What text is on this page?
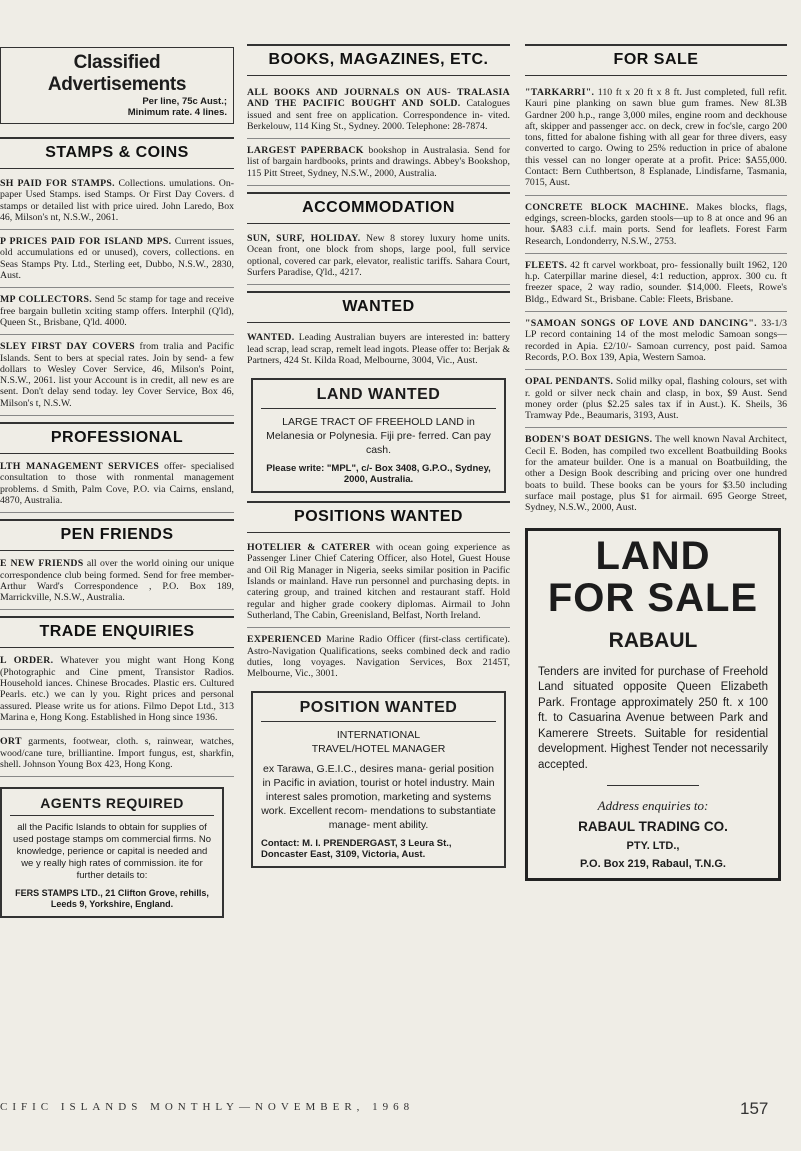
Classified Advertisements
Per line, 75c Aust.;
Minimum rate. 4 lines.
STAMPS & COINS

SH PAID FOR STAMPS. Collections. umulations. On-paper Used Stamps. ised Stamps. Or First Day Covers. d stamps or detailed list with price uired. John Laredo, Box 46, Milson's nt, N.S.W., 2061.

P PRICES PAID FOR ISLAND MPS. Current issues, old accumulations ed or unused), covers, collections. en Seas Stamps Pty. Ltd., Sterling eet, Dubbo, N.S.W., 2830, Aust.

MP COLLECTORS. Send 5c stamp for tage and receive free bargain bulletin xciting stamp offers. Interphil (Q'ld), Queen St., Brisbane, Q'ld. 4000.

SLEY FIRST DAY COVERS from tralia and Pacific Islands. Sent to bers at special rates. Join by send- a few dollars to Wesley Cover Service, 46, Milson's Point, N.S.W., 2061. list your Account is in credit, all new es are sent. Don't delay send today. ley Cover Service, Box 46, Milson's t, N.S.W.

PROFESSIONAL

LTH MANAGEMENT SERVICES offer- specialised consultation to those with ronmental management problems. d Smith, Palm Cove, P.O. via Cairns, ensland, 4870, Australia.

PEN FRIENDS

E NEW FRIENDS all over the world oining our unique correspondence club being formed. Send for free member- Arthur Ward's Correspondence , P.O. Box 189, Marrickville, N.S.W., Australia.

TRADE ENQUIRIES

L ORDER. Whatever you might want Hong Kong (Photographic and Cine pment, Transistor Radios. Household iances. Chinese Brocades. Plastic ers. Cultured Pearls. etc.) we can ly you. Right prices and personal assured. Please write us for ations. Filmo Depot Ltd., 313 Marina e, Hong Kong. Established in Hong since 1936.

ORT garments, footwear, cloth. s, rainwear, watches, wood/cane ture, brilliantine. Import fungus, est, sharkfin, shell. Johnson Young Box 423, Hong Kong.

AGENTS REQUIRED
all the Pacific Islands to obtain for supplies of used postage stamps om commercial firms. No knowledge, perience or capital is needed and we y really high rates of commission. ite for further details to:
FERS STAMPS LTD., 21 Clifton Grove, rehills, Leeds 9, Yorkshire, England.
BOOKS, MAGAZINES, ETC.

ALL BOOKS AND JOURNALS ON AUS- TRALASIA AND THE PACIFIC BOUGHT AND SOLD. Catalogues issued and sent free on application. Correspondence in- vited. Berkelouw, 114 King St., Sydney. 2000. Telephone: 28-7874.

LARGEST PAPERBACK bookshop in Australasia. Send for list of bargain hardbooks, prints and drawings. Abbey's Bookshop, 115 Pitt Street, Sydney, N.S.W., 2000, Australia.

ACCOMMODATION

SUN, SURF, HOLIDAY. New 8 storey luxury home units. Ocean front, one block from shops, large pool, full service optional, covered car park, elevator, realistic tariffs. Sahara Court, Surfers Paradise, Q'ld., 4217.

WANTED

WANTED. Leading Australian buyers are interested in: battery lead scrap, lead scrap, remelt lead ingots. Please offer to: Berjak & Partners, 424 St. Kilda Road, Melbourne, 3004, Vic., Aust.

LAND WANTED
LARGE TRACT OF FREEHOLD LAND in Melanesia or Polynesia. Fiji pre- ferred. Can pay cash.
Please write: "MPL", c/- Box 3408, G.P.O., Sydney, 2000, Australia.
POSITIONS WANTED

HOTELIER & CATERER with ocean going experience as Passenger Liner Chief Catering Officer, also Hotel, Guest House and Oil Rig Manager in Nigeria, seeks similar position in Pacific Islands or mainland. Have run personnel and purchasing depts. in catering group, and trained kitchen and restaurant staff. Hold regular and higher grade cookery diplomas. Airmail to John Sutherland, The Cabin, Greenisland, Belfast, North Ireland.

EXPERIENCED Marine Radio Officer (first-class certificate). Astro-Navigation Qualifications, seeks combined deck and radio duties, long voyages. Navigation Services, Box 2145T, Melbourne, Vic., 3001.

POSITION WANTED
INTERNATIONAL
TRAVEL/HOTEL MANAGER
ex Tarawa, G.E.I.C., desires mana- gerial position in Pacific in aviation, tourist or hotel industry. Main interest sales promotion, marketing and systems work. Excellent recom- mendations to substantiate manage- ment ability.
Contact: M. I. PRENDERGAST, 3 Leura St., Doncaster East, 3109, Victoria, Aust.
FOR SALE

"TARKARRI". 110 ft x 20 ft x 8 ft. Just completed, full refit. Kauri pine planking on sawn blue gum frames. New 8L3B Gardner 200 h.p., range 3,000 miles, engine room and deckhouse aft, skipper and passenger acc. on deck, crew in foc'sle, cargo 200 tons, fitted for abalone fishing with all gear for three divers, easy converted to cargo. Owing to 25% reduction in price of abalone this vessel can no longer operate at a profit. Price: $A55,000. Contact: Bern Cuthbertson, 8 Esplanade, Lindisfarne, Tasmania, 7015, Aust.

CONCRETE BLOCK MACHINE. Makes blocks, flags, edgings, screen-blocks, garden stools—up to 8 at once and 96 an hour. $A83 c.i.f. main ports. Send for leaflets. Forest Farm Research, Londonderry, N.S.W., 2753.

FLEETS. 42 ft carvel workboat, pro- fessionally built 1962, 120 h.p. Caterpillar marine diesel, 4:1 reduction, approx. 300 cu. ft freezer space, 2 way radio, sounder. $14,000. Fleets, Rowe's Bldg., Edward St., Brisbane. Cable: Fleets, Brisbane.

"SAMOAN SONGS OF LOVE AND DANCING". 33-1/3 LP record containing 14 of the most melodic Samoan songs— recorded in Apia. £2/10/- Samoan currency, post paid. Samoa Records, P.O. Box 139, Apia, Western Samoa.

OPAL PENDANTS. Solid milky opal, flashing colours, set with r. gold or silver neck chain and clasp, in box, $9 Aust. Send money order (plus $2.25 sales tax if in Aust.). K. Sheils, 36 Tramway Pde., Beaumaris, 3193, Aust.

BODEN'S BOAT DESIGNS. The well known Naval Architect, Cecil E. Boden, has compiled two excellent Boatbuilding Books for the amateur builder. One is a manual on Boatbuilding, the other a Design Book describing and pricing over one hundred boats to build. These books can be yours for $3.50 including surface mail postage, plus $1 for airmail. 695 George Street, Sydney, N.S.W., 2000, Aust.

LAND
FOR SALE
RABAUL
Tenders are invited for purchase of Freehold Land situated opposite Queen Elizabeth Park. Frontage approximately 250 ft. x 100 ft. to Casuarina Avenue between Park and Kamerere Streets. Suitable for residential development. Highest Tender not necessarily accepted.
Address enquiries to:
RABAUL TRADING CO.
PTY. LTD.,
P.O. Box 219, Rabaul, T.N.G.
CIFIC ISLANDS MONTHLY—NOVEMBER, 1968	157
